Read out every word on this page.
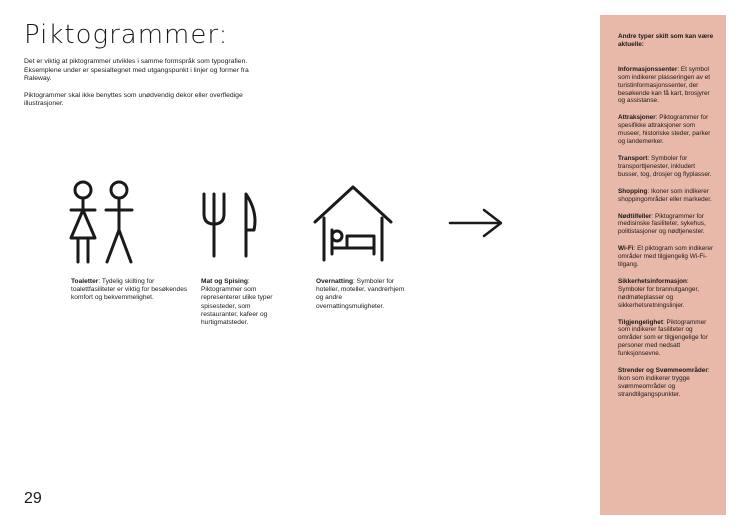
Piktogrammer:

Det er viktig at piktogrammer utvikles i samme formspråk som typografien. Eksemplene under er spesialtegnet med utgangspunkt i linjer og former fra Raleway.

Piktogrammer skal ikke benyttes som unødvendig dekor eller overfledige illustrasjoner.

Toaletter: Tydelig skilting for toalettfasiliteter er viktig for besøkendes komfort og bekvemmelighet.
Mat og Spising: Piktogrammer som representerer ulike typer spisesteder, som restauranter, kafeer og hurtigmatsteder.
Overnatting: Symboler for hoteller, moteller, vandrerhjem og andre overnattingsmuligheter.
29
Andre typer skilt som kan være aktuelle:
Informasjonssenter: Et symbol som indikerer plasseringen av et turistinformasjonssenter, der besøkende kan få kart, brosjyrer og assistanse.
Attraksjoner: Piktogrammer for spesifikke attraksjoner som museer, historiske steder, parker og landemerker.
Transport: Symboler for transporttjenester, inkludert busser, tog, drosjer og flyplasser.
Shopping: Ikoner som indikerer shoppingområder eller markeder.
Nødtilfeller: Piktogrammer for medisinske fasiliteter, sykehus, politistasjoner og nødtjenester.
Wi-Fi: Et piktogram som indikerer områder med tilgjengelig Wi-Fi-tilgang.
Sikkerhetsinformasjon: Symboler for brannutganger, nødmøteplasser og sikkerhetsretningslinjer.
Tilgjengelighet: Piktogrammer som indikerer fasiliteter og områder som er tilgjengelige for personer med nedsatt funksjonsevne.
Strender og Svømmeområder: Ikon som indikerer trygge svømmeområder og strandtilgangspunkter.
